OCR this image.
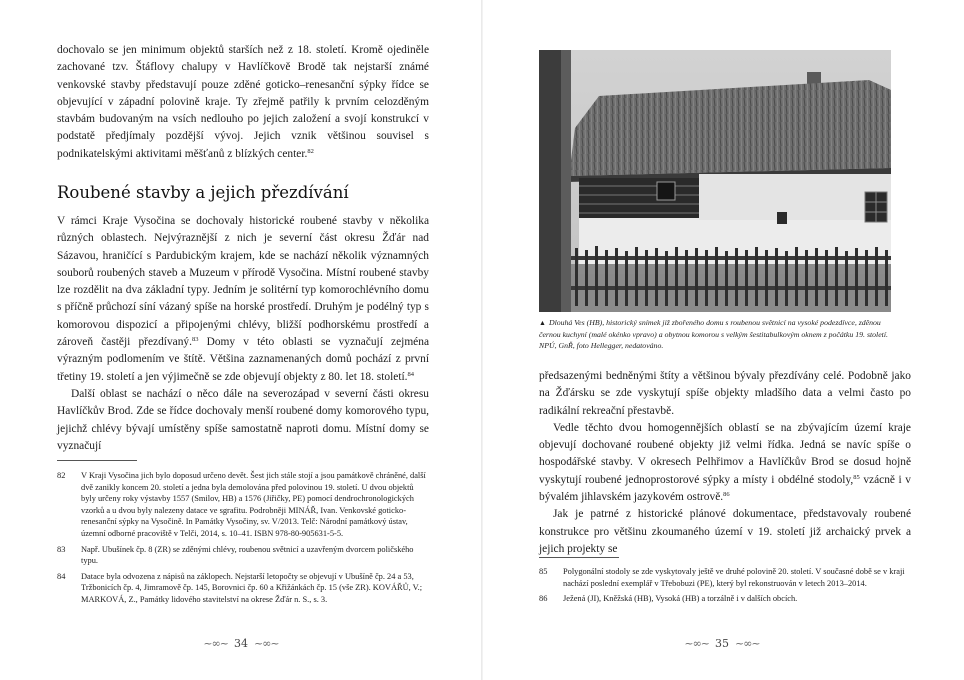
dochovalo se jen minimum objektů starších než z 18. století. Kromě ojediněle zachované tzv. Štáflovy chalupy v Havlíčkově Brodě tak nejstarší známé venkovské stavby představují pouze zděné goticko–renesanční sýpky řídce se objevující v západní polovině kraje. Ty zřejmě patřily k prvním celozděným stavbám budovaným na vsích nedlouho po jejich založení a svojí konstrukcí v podstatě předjímaly pozdější vývoj. Jejich vznik většinou souvisel s podnikatelskými aktivitami měšťanů z blízkých center.$^{82}$

Roubené stavby a jejich přezdívání

V rámci Kraje Vysočina se dochovaly historické roubené stavby v několika různých oblastech. Nejvýraznější z nich je severní část okresu Žďár nad Sázavou, hraničící s Pardubickým krajem, kde se nachází několik významných souborů roubených staveb a Muzeum v přírodě Vysočina. Místní roubené stavby lze rozdělit na dva základní typy. Jedním je solitérní typ komorochlévního domu s příčně průchozí síní vázaný spíše na horské prostředí. Druhým je podélný typ s komorovou dispozicí a připojenými chlévy, bližší podhorskému prostředí a zároveň častěji přezdívaný.$^{83}$ Domy v této oblasti se vyznačují zejména výrazným podlomením ve štítě. Většina zaznamenaných domů pochází z první třetiny 19. století a jen výjimečně se zde objevují objekty z 80. let 18. století.$^{84}$

Další oblast se nachází o něco dále na severozápad v severní části okresu Havlíčkův Brod. Zde se řídce dochovaly menší roubené domy komorového typu, jejichž chlévy bývají umístěny spíše samostatně naproti domu. Místní domy se vyznačují

82 V Kraji Vysočina jich bylo doposud určeno devět. Šest jich stále stojí a jsou památkově chráněné, další dvě zanikly koncem 20. století a jedna byla demolována před polovinou 19. století. U dvou objektů byly určeny roky výstavby 1557 (Smilov, HB) a 1576 (Jiřičky, PE) pomocí dendrochronologických vzorků a u dvou byly nalezeny datace ve sgrafitu. Podrobněji MINÁŘ, Ivan. Venkovské goticko-renesanční sýpky na Vysočině. In Památky Vysočiny, sv. V/2013. Telč: Národní památkový ústav, územní odborné pracoviště v Telči, 2014, s. 10–41. ISBN 978-80-905631-5-5.
83 Např. Ubušínek čp. 8 (ZR) se zděnými chlévy, roubenou světnicí a uzavřeným dvorcem poličského typu.
84 Datace byla odvozena z nápisů na záklopech. Nejstarší letopočty se objevují v Ubušíně čp. 24 a 53, Tržbonicích čp. 4, Jimramově čp. 145, Borovnici čp. 60 a Křižánkách čp. 15 (vše ZR). KOVÁŘŮ, V.; MARKOVÁ, Z., Památky lidového stavitelství na okrese Žďár n. S., s. 3.
~∞~ 34 ~∞~

▲ Dlouhá Ves (HB), historický snímek již zbořeného domu s roubenou světnicí na vysoké podezdívce, zděnou černou kuchyní (malé okénko vpravo) a obytnou komorou s velkým šestitabulkovým oknem z počátku 19. století. NPÚ, GnŘ, foto Hellegger, nedatováno.

předsazenými bedněnými štíty a většinou bývaly přezdívány celé. Podobně jako na Žďársku se zde vyskytují spíše objekty mladšího data a velmi často po radikální rekreační přestavbě.

Vedle těchto dvou homogennějších oblastí se na zbývajícím území kraje objevují dochované roubené objekty již velmi řídka. Jedná se navíc spíše o hospodářské stavby. V okresech Pelhřimov a Havlíčkův Brod se dosud hojně vyskytují roubené jednoprostorové sýpky a místy i obdélné stodoly,$^{85}$ vzácně i v bývalém jihlavském jazykovém ostrově.$^{86}$

Jak je patrné z historické plánové dokumentace, představovaly roubené konstrukce pro většinu zkoumaného území v 19. století již archaický prvek a jejich projekty se

85 Polygonální stodoly se zde vyskytovaly ještě ve druhé polovině 20. století. V současné době se v kraji nachází poslední exemplář v Třebobuzi (PE), který byl rekonstruován v letech 2013–2014.
86 Ježená (JI), Kněžská (HB), Vysoká (HB) a torzálně i v dalších obcích.
~∞~ 35 ~∞~
